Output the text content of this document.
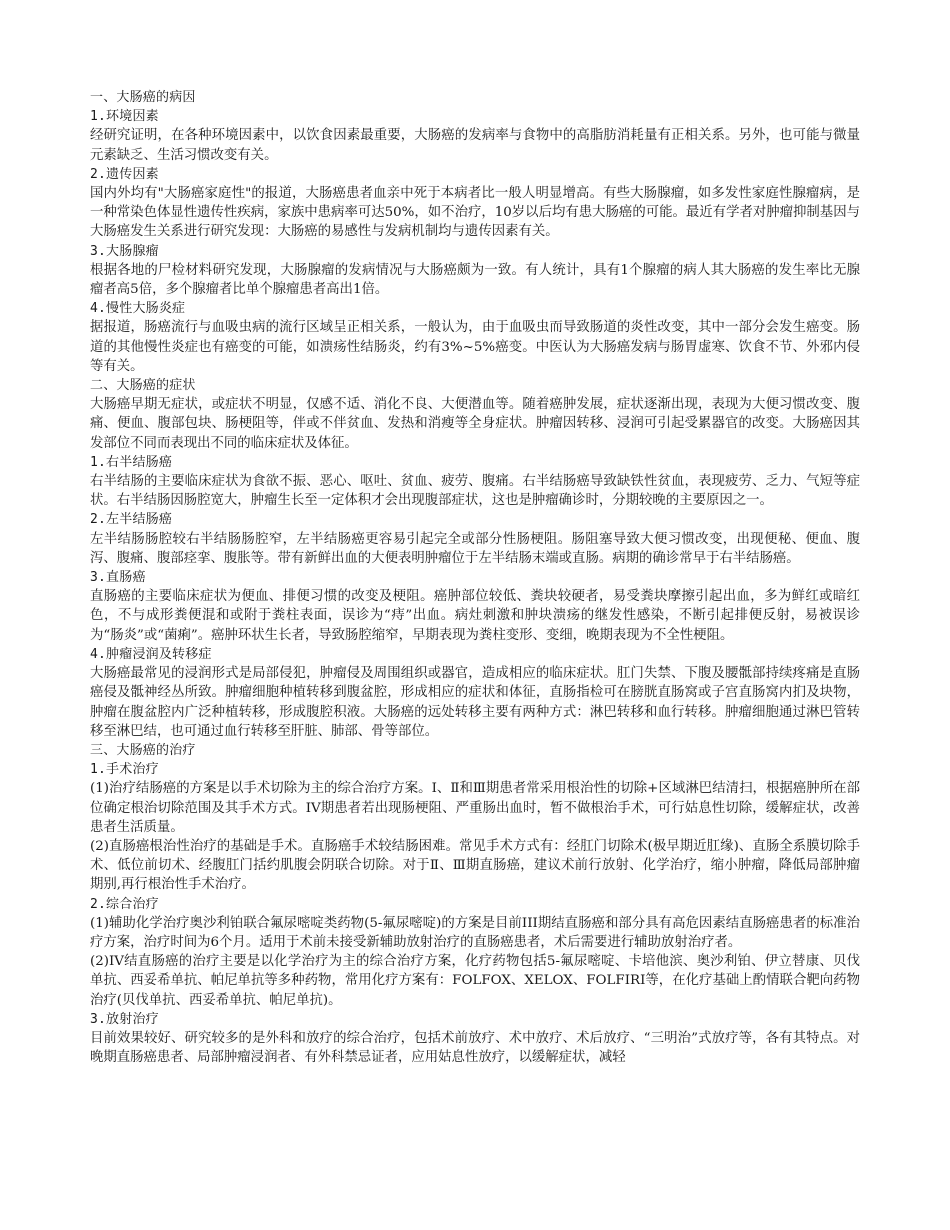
一、大肠癌的病因

1.环境因素

经研究证明，在各种环境因素中，以饮食因素最重要，大肠癌的发病率与食物中的高脂肪消耗量有正相关系。另外，也可能与微量元素缺乏、生活习惯改变有关。

2.遗传因素

国内外均有"大肠癌家庭性"的报道，大肠癌患者血亲中死于本病者比一般人明显增高。有些大肠腺瘤，如多发性家庭性腺瘤病，是一种常染色体显性遗传性疾病，家族中患病率可达50%，如不治疗，10岁以后均有患大肠癌的可能。最近有学者对肿瘤抑制基因与大肠癌发生关系进行研究发现：大肠癌的易感性与发病机制均与遗传因素有关。

3.大肠腺瘤

根据各地的尸检材料研究发现，大肠腺瘤的发病情况与大肠癌颇为一致。有人统计，具有1个腺瘤的病人其大肠癌的发生率比无腺瘤者高5倍，多个腺瘤者比单个腺瘤患者高出1倍。

4.慢性大肠炎症

据报道，肠癌流行与血吸虫病的流行区域呈正相关系，一般认为，由于血吸虫而导致肠道的炎性改变，其中一部分会发生癌变。肠道的其他慢性炎症也有癌变的可能，如溃疡性结肠炎，约有3%~5%癌变。中医认为大肠癌发病与肠胃虚寒、饮食不节、外邪内侵等有关。

二、大肠癌的症状

大肠癌早期无症状，或症状不明显，仅感不适、消化不良、大便潜血等。随着癌肿发展，症状逐渐出现，表现为大便习惯改变、腹痛、便血、腹部包块、肠梗阻等，伴或不伴贫血、发热和消瘦等全身症状。肿瘤因转移、浸润可引起受累器官的改变。大肠癌因其发部位不同而表现出不同的临床症状及体征。

1.右半结肠癌

右半结肠的主要临床症状为食欲不振、恶心、呕吐、贫血、疲劳、腹痛。右半结肠癌导致缺铁性贫血，表现疲劳、乏力、气短等症状。右半结肠因肠腔宽大，肿瘤生长至一定体积才会出现腹部症状，这也是肿瘤确诊时，分期较晚的主要原因之一。

2.左半结肠癌

左半结肠肠腔较右半结肠肠腔窄，左半结肠癌更容易引起完全或部分性肠梗阻。肠阻塞导致大便习惯改变，出现便秘、便血、腹泻、腹痛、腹部痉挛、腹胀等。带有新鲜出血的大便表明肿瘤位于左半结肠末端或直肠。病期的确诊常早于右半结肠癌。

3.直肠癌

直肠癌的主要临床症状为便血、排便习惯的改变及梗阻。癌肿部位较低、粪块较硬者，易受粪块摩擦引起出血，多为鲜红或暗红色，不与成形粪便混和或附于粪柱表面，误诊为“痔”出血。病灶刺激和肿块溃疡的继发性感染，不断引起排便反射，易被误诊为“肠炎”或“菌痢”。癌肿环状生长者，导致肠腔缩窄，早期表现为粪柱变形、变细，晚期表现为不全性梗阻。

4.肿瘤浸润及转移症

大肠癌最常见的浸润形式是局部侵犯，肿瘤侵及周围组织或器官，造成相应的临床症状。肛门失禁、下腹及腰骶部持续疼痛是直肠癌侵及骶神经丛所致。肿瘤细胞种植转移到腹盆腔，形成相应的症状和体征，直肠指检可在膀胱直肠窝或子宫直肠窝内扪及块物，肿瘤在腹盆腔内广泛种植转移，形成腹腔积液。大肠癌的远处转移主要有两种方式：淋巴转移和血行转移。肿瘤细胞通过淋巴管转移至淋巴结，也可通过血行转移至肝脏、肺部、骨等部位。

三、大肠癌的治疗

1.手术治疗

(1)治疗结肠癌的方案是以手术切除为主的综合治疗方案。Ⅰ、Ⅱ和Ⅲ期患者常采用根治性的切除+区域淋巴结清扫，根据癌肿所在部位确定根治切除范围及其手术方式。IV期患者若出现肠梗阻、严重肠出血时，暂不做根治手术，可行姑息性切除，缓解症状，改善患者生活质量。

(2)直肠癌根治性治疗的基础是手术。直肠癌手术较结肠困难。常见手术方式有：经肛门切除术(极早期近肛缘)、直肠全系膜切除手术、低位前切术、经腹肛门括约肌腹会阴联合切除。对于Ⅱ、Ⅲ期直肠癌，建议术前行放射、化学治疗，缩小肿瘤，降低局部肿瘤期别,再行根治性手术治疗。

2.综合治疗

(1)辅助化学治疗奥沙利铂联合氟尿嘧啶类药物(5-氟尿嘧啶)的方案是目前III期结直肠癌和部分具有高危因素结直肠癌患者的标准治疗方案，治疗时间为6个月。适用于术前未接受新辅助放射治疗的直肠癌患者，术后需要进行辅助放射治疗者。

(2)IV结直肠癌的治疗主要是以化学治疗为主的综合治疗方案，化疗药物包括5-氟尿嘧啶、卡培他滨、奥沙利铂、伊立替康、贝伐单抗、西妥希单抗、帕尼单抗等多种药物，常用化疗方案有：FOLFOX、XELOX、FOLFIRI等，在化疗基础上酌情联合靶向药物治疗(贝伐单抗、西妥希单抗、帕尼单抗)。

3.放射治疗

目前效果较好、研究较多的是外科和放疗的综合治疗，包括术前放疗、术中放疗、术后放疗、“三明治”式放疗等，各有其特点。对晚期直肠癌患者、局部肿瘤浸润者、有外科禁忌证者，应用姑息性放疗，以缓解症状，减轻
